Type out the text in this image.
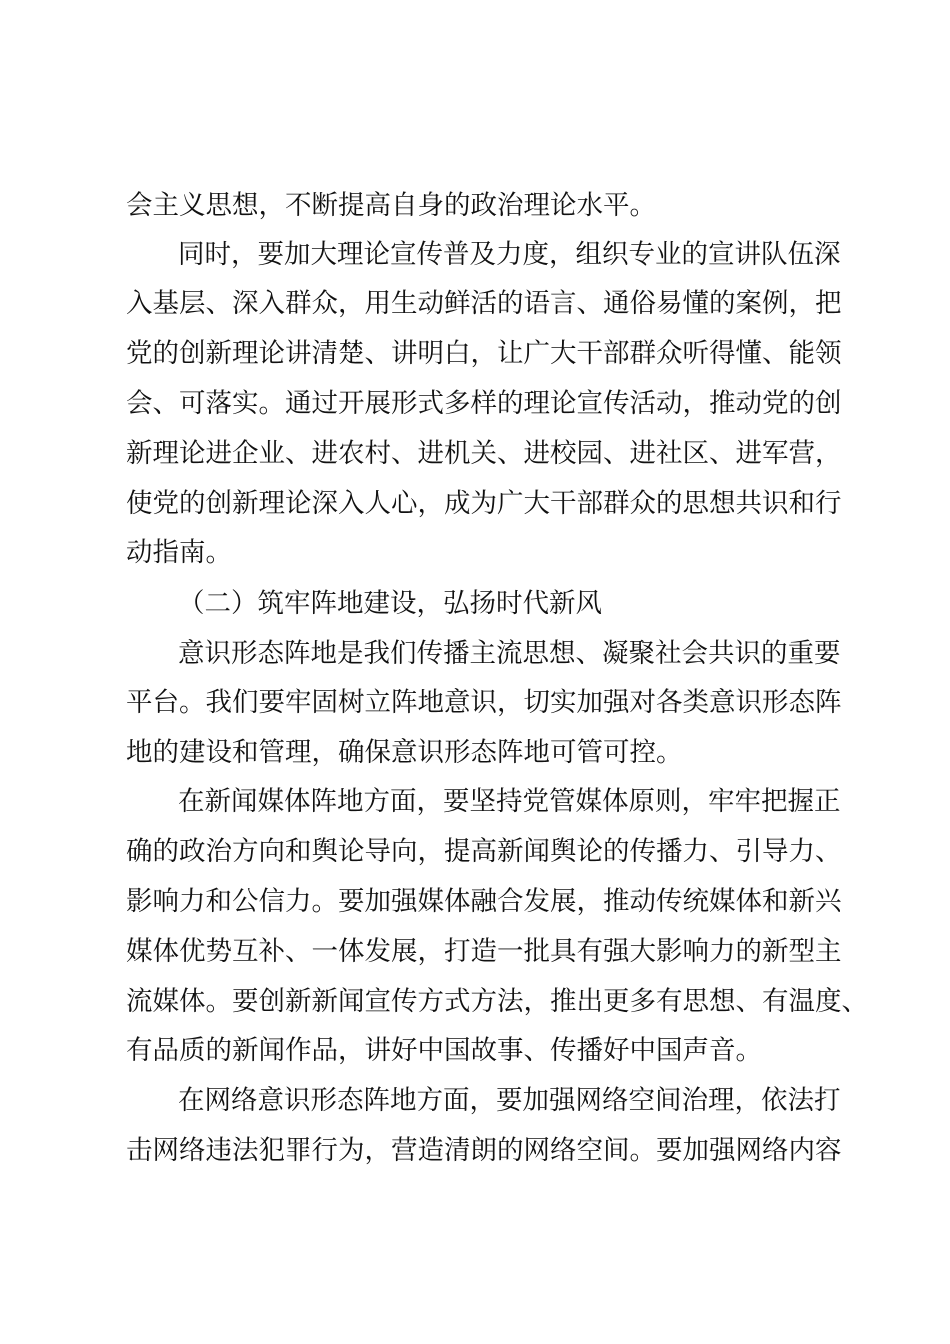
会主义思想，不断提高自身的政治理论水平。
同时，要加大理论宣传普及力度，组织专业的宣讲队伍深
入基层、深入群众，用生动鲜活的语言、通俗易懂的案例，把
党的创新理论讲清楚、讲明白，让广大干部群众听得懂、能领
会、可落实。通过开展形式多样的理论宣传活动，推动党的创
新理论进企业、进农村、进机关、进校园、进社区、进军营，
使党的创新理论深入人心，成为广大干部群众的思想共识和行
动指南。
（二）筑牢阵地建设，弘扬时代新风
意识形态阵地是我们传播主流思想、凝聚社会共识的重要
平台。我们要牢固树立阵地意识，切实加强对各类意识形态阵
地的建设和管理，确保意识形态阵地可管可控。
在新闻媒体阵地方面，要坚持党管媒体原则，牢牢把握正
确的政治方向和舆论导向，提高新闻舆论的传播力、引导力、
影响力和公信力。要加强媒体融合发展，推动传统媒体和新兴
媒体优势互补、一体发展，打造一批具有强大影响力的新型主
流媒体。要创新新闻宣传方式方法，推出更多有思想、有温度、
有品质的新闻作品，讲好中国故事、传播好中国声音。
在网络意识形态阵地方面，要加强网络空间治理，依法打
击网络违法犯罪行为，营造清朗的网络空间。要加强网络内容
